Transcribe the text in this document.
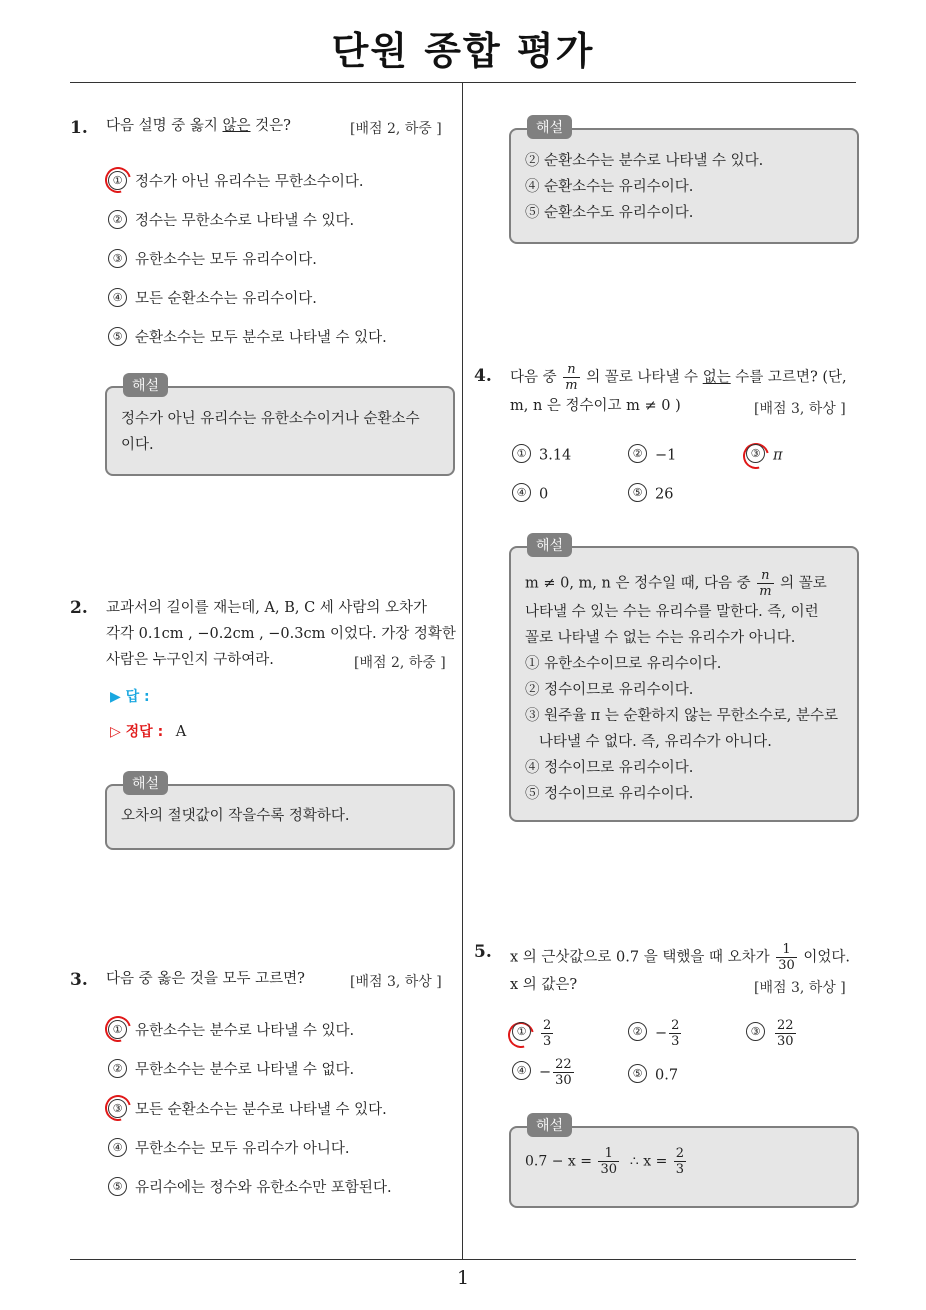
단원 종합 평가
1. 다음 설명 중 옳지 않은 것은?	[배점 2, 하중 ]
① 정수가 아닌 유리수는 무한소수이다.
② 정수는 무한소수로 나타낼 수 있다.
③ 유한소수는 모두 유리수이다.
④ 모든 순환소수는 유리수이다.
⑤ 순환소수는 모두 분수로 나타낼 수 있다.
해설
정수가 아닌 유리수는 유한소수이거나 순환소수이다.
2. 교과서의 길이를 재는데, A, B, C 세 사람의 오차가
각각 0.1cm , −0.2cm , −0.3cm 이었다. 가장 정확한
사람은 누구인지 구하여라.	[배점 2, 하중 ]
▶ 답 :
▷ 정답 : A
해설
오차의 절댓값이 작을수록 정확하다.
3. 다음 중 옳은 것을 모두 고르면?	[배점 3, 하상 ]
① 유한소수는 분수로 나타낼 수 있다.
② 무한소수는 분수로 나타낼 수 없다.
③ 모든 순환소수는 분수로 나타낼 수 있다.
④ 무한소수는 모두 유리수가 아니다.
⑤ 유리수에는 정수와 유한소수만 포함된다.
해설
② 순환소수는 분수로 나타낼 수 있다.
④ 순환소수는 유리수이다.
⑤ 순환소수도 유리수이다.
4. 다음 중 $\frac{n}{m}$ 의 꼴로 나타낼 수 없는 수를 고르면? (단,
m, n 은 정수이고 m ≠ 0 )	[배점 3, 하상 ]
① 3.14	② −1	③ π
④ 0	⑤ 26
해설
m ≠ 0, m, n 은 정수일 때, 다음 중 $\frac{n}{m}$ 의 꼴로
나타낼 수 있는 수는 유리수를 말한다. 즉, 이런
꼴로 나타낼 수 없는 수는 유리수가 아니다.
① 유한소수이므로 유리수이다.
② 정수이므로 유리수이다.
③ 원주율 π 는 순환하지 않는 무한소수로, 분수로
나타낼 수 없다. 즉, 유리수가 아니다.
④ 정수이므로 유리수이다.
⑤ 정수이므로 유리수이다.
5. x 의 근삿값으로 0.7 을 택했을 때 오차가 $\frac{1}{30}$ 이었다.
x 의 값은?	[배점 3, 하상 ]
① $\frac{2}{3}$	② − $\frac{2}{3}$	③ $\frac{22}{30}$
④ − $\frac{22}{30}$	⑤ 0.7
해설
$0.7 - x = \frac{1}{30}$ ∴ $x = \frac{2}{3}$
1
